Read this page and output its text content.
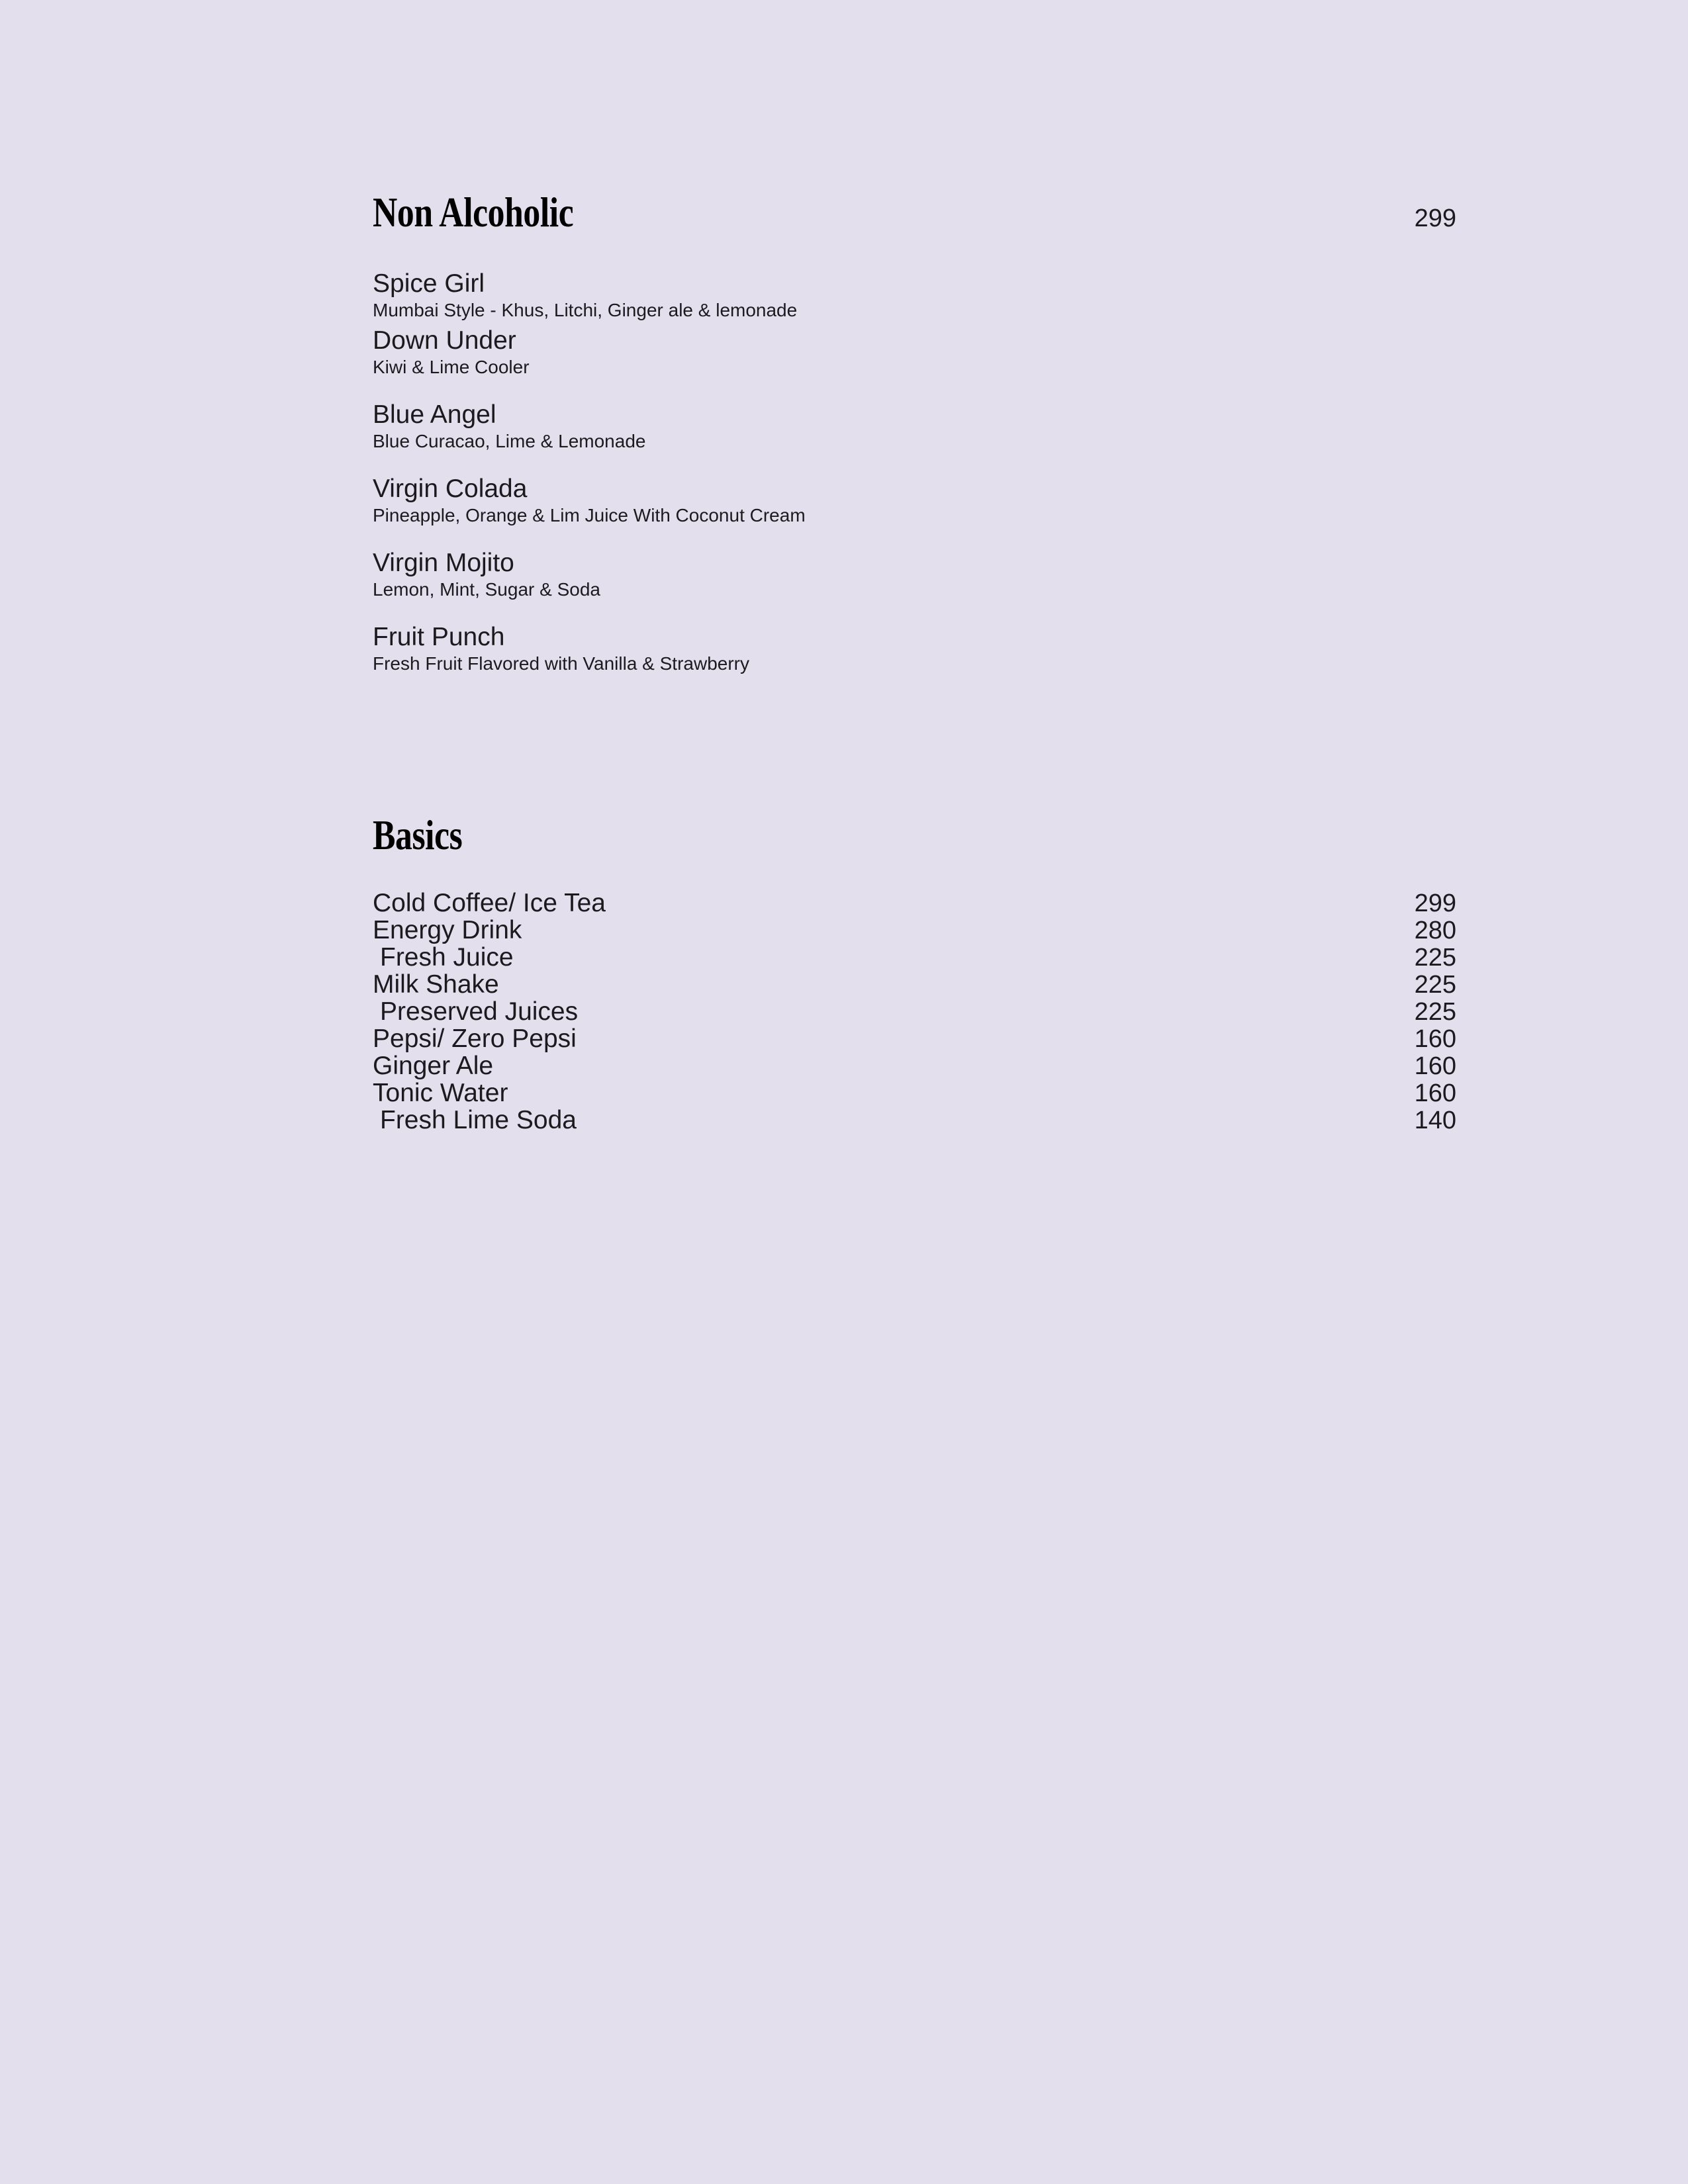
Non Alcoholic	299
Spice Girl
Mumbai Style - Khus, Litchi, Ginger ale & lemonade
Down Under
Kiwi & Lime Cooler
Blue Angel
Blue Curacao, Lime & Lemonade
Virgin Colada
Pineapple, Orange & Lim Juice With Coconut Cream
Virgin Mojito
Lemon, Mint, Sugar & Soda
Fruit Punch
Fresh Fruit Flavored with Vanilla & Strawberry
Basics
Cold Coffee/ Ice Tea	299
Energy Drink	280
Fresh Juice	225
Milk Shake	225
Preserved Juices	225
Pepsi/ Zero Pepsi	160
Ginger Ale	160
Tonic Water	160
Fresh Lime Soda	140
